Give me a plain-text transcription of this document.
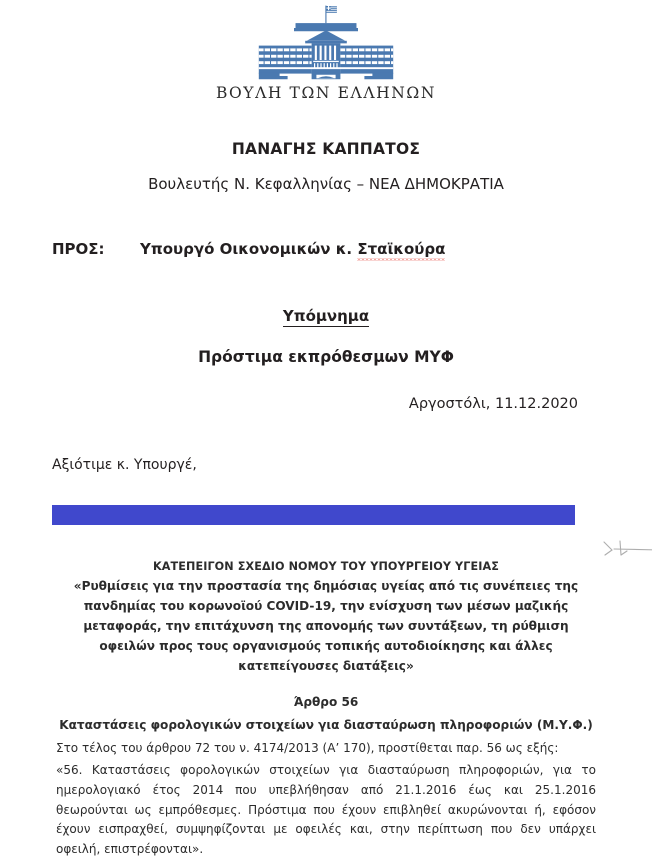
ΒΟΥΛΗ ΤΩΝ ΕΛΛΗΝΩΝ
ΠΑΝΑΓΗΣ ΚΑΠΠΑΤΟΣ
Βουλευτής Ν. Κεφαλληνίας – ΝΕΑ ΔΗΜΟΚΡΑΤΙΑ
ΠΡΟΣ:	Υπουργό Οικονομικών κ. Σταϊκούρα
Υπόμνημα
Πρόστιμα εκπρόθεσμων ΜΥΦ
Αργοστόλι, 11.12.2020
Αξιότιμε κ. Υπουργέ,
ΚΑΤΕΠΕΙΓΟΝ ΣΧΕΔΙΟ ΝΟΜΟΥ ΤΟΥ ΥΠΟΥΡΓΕΙΟΥ ΥΓΕΙΑΣ
«Ρυθμίσεις για την προστασία της δημόσιας υγείας από τις συνέπειες της πανδημίας του κορωνοϊού COVID-19, την ενίσχυση των μέσων μαζικής μεταφοράς, την επιτάχυνση της απονομής των συντάξεων, τη ρύθμιση οφειλών προς τους οργανισμούς τοπικής αυτοδιοίκησης και άλλες κατεπείγουσες διατάξεις»
Άρθρο 56
Καταστάσεις φορολογικών στοιχείων για διασταύρωση πληροφοριών (Μ.Υ.Φ.)
Στο τέλος του άρθρου 72 του ν. 4174/2013 (Α’ 170), προστίθεται παρ. 56 ως εξής:
«56. Καταστάσεις φορολογικών στοιχείων για διασταύρωση πληροφοριών, για το ημερολογιακό έτος 2014 που υπεβλήθησαν από 21.1.2016 έως και 25.1.2016 θεωρούνται ως εμπρόθεσμες. Πρόστιμα που έχουν επιβληθεί ακυρώνονται ή, εφόσον έχουν εισπραχθεί, συμψηφίζονται με οφειλές και, στην περίπτωση που δεν υπάρχει οφειλή, επιστρέφονται».
